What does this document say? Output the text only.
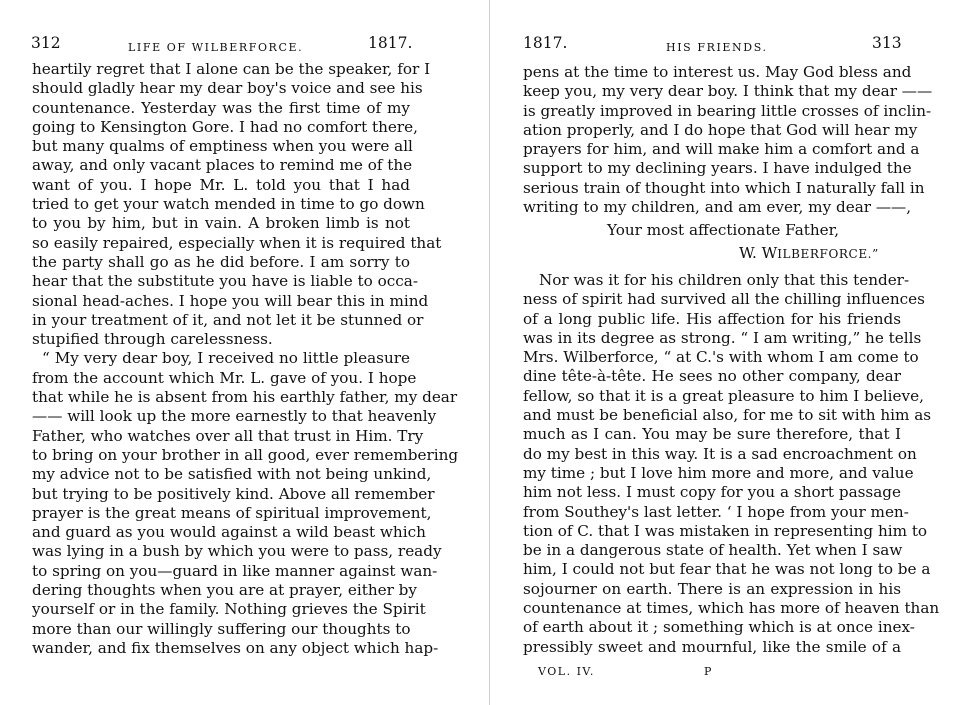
312	LIFE OF WILBERFORCE.	1817.
heartily regret that I alone can be the speaker, for I
should gladly hear my dear boy's voice and see his
countenance. Yesterday was the first time of my
going to Kensington Gore. I had no comfort there,
but many qualms of emptiness when you were all
away, and only vacant places to remind me of the
want of you. I hope Mr. L. told you that I had
tried to get your watch mended in time to go down
to you by him, but in vain. A broken limb is not
so easily repaired, especially when it is required that
the party shall go as he did before. I am sorry to
hear that the substitute you have is liable to occa-
sional head-aches. I hope you will bear this in mind
in your treatment of it, and not let it be stunned or
stupified through carelessness.
“ My very dear boy, I received no little pleasure
from the account which Mr. L. gave of you. I hope
that while he is absent from his earthly father, my dear
—— will look up the more earnestly to that heavenly
Father, who watches over all that trust in Him. Try
to bring on your brother in all good, ever remembering
my advice not to be satisfied with not being unkind,
but trying to be positively kind. Above all remember
prayer is the great means of spiritual improvement,
and guard as you would against a wild beast which
was lying in a bush by which you were to pass, ready
to spring on you—guard in like manner against wan-
dering thoughts when you are at prayer, either by
yourself or in the family. Nothing grieves the Spirit
more than our willingly suffering our thoughts to
wander, and fix themselves on any object which hap-
1817.	HIS FRIENDS.	313
pens at the time to interest us. May God bless and
keep you, my very dear boy. I think that my dear ——
is greatly improved in bearing little crosses of inclin-
ation properly, and I do hope that God will hear my
prayers for him, and will make him a comfort and a
support to my declining years. I have indulged the
serious train of thought into which I naturally fall in
writing to my children, and am ever, my dear ——,
Your most affectionate Father,
W. WILBERFORCE.”
Nor was it for his children only that this tender-
ness of spirit had survived all the chilling influences
of a long public life. His affection for his friends
was in its degree as strong. “ I am writing,” he tells
Mrs. Wilberforce, “ at C.'s with whom I am come to
dine tête-à-tête. He sees no other company, dear
fellow, so that it is a great pleasure to him I believe,
and must be beneficial also, for me to sit with him as
much as I can. You may be sure therefore, that I
do my best in this way. It is a sad encroachment on
my time ; but I love him more and more, and value
him not less. I must copy for you a short passage
from Southey's last letter. ‘ I hope from your men-
tion of C. that I was mistaken in representing him to
be in a dangerous state of health. Yet when I saw
him, I could not but fear that he was not long to be a
sojourner on earth. There is an expression in his
countenance at times, which has more of heaven than
of earth about it ; something which is at once inex-
pressibly sweet and mournful, like the smile of a
VOL. IV.	P
